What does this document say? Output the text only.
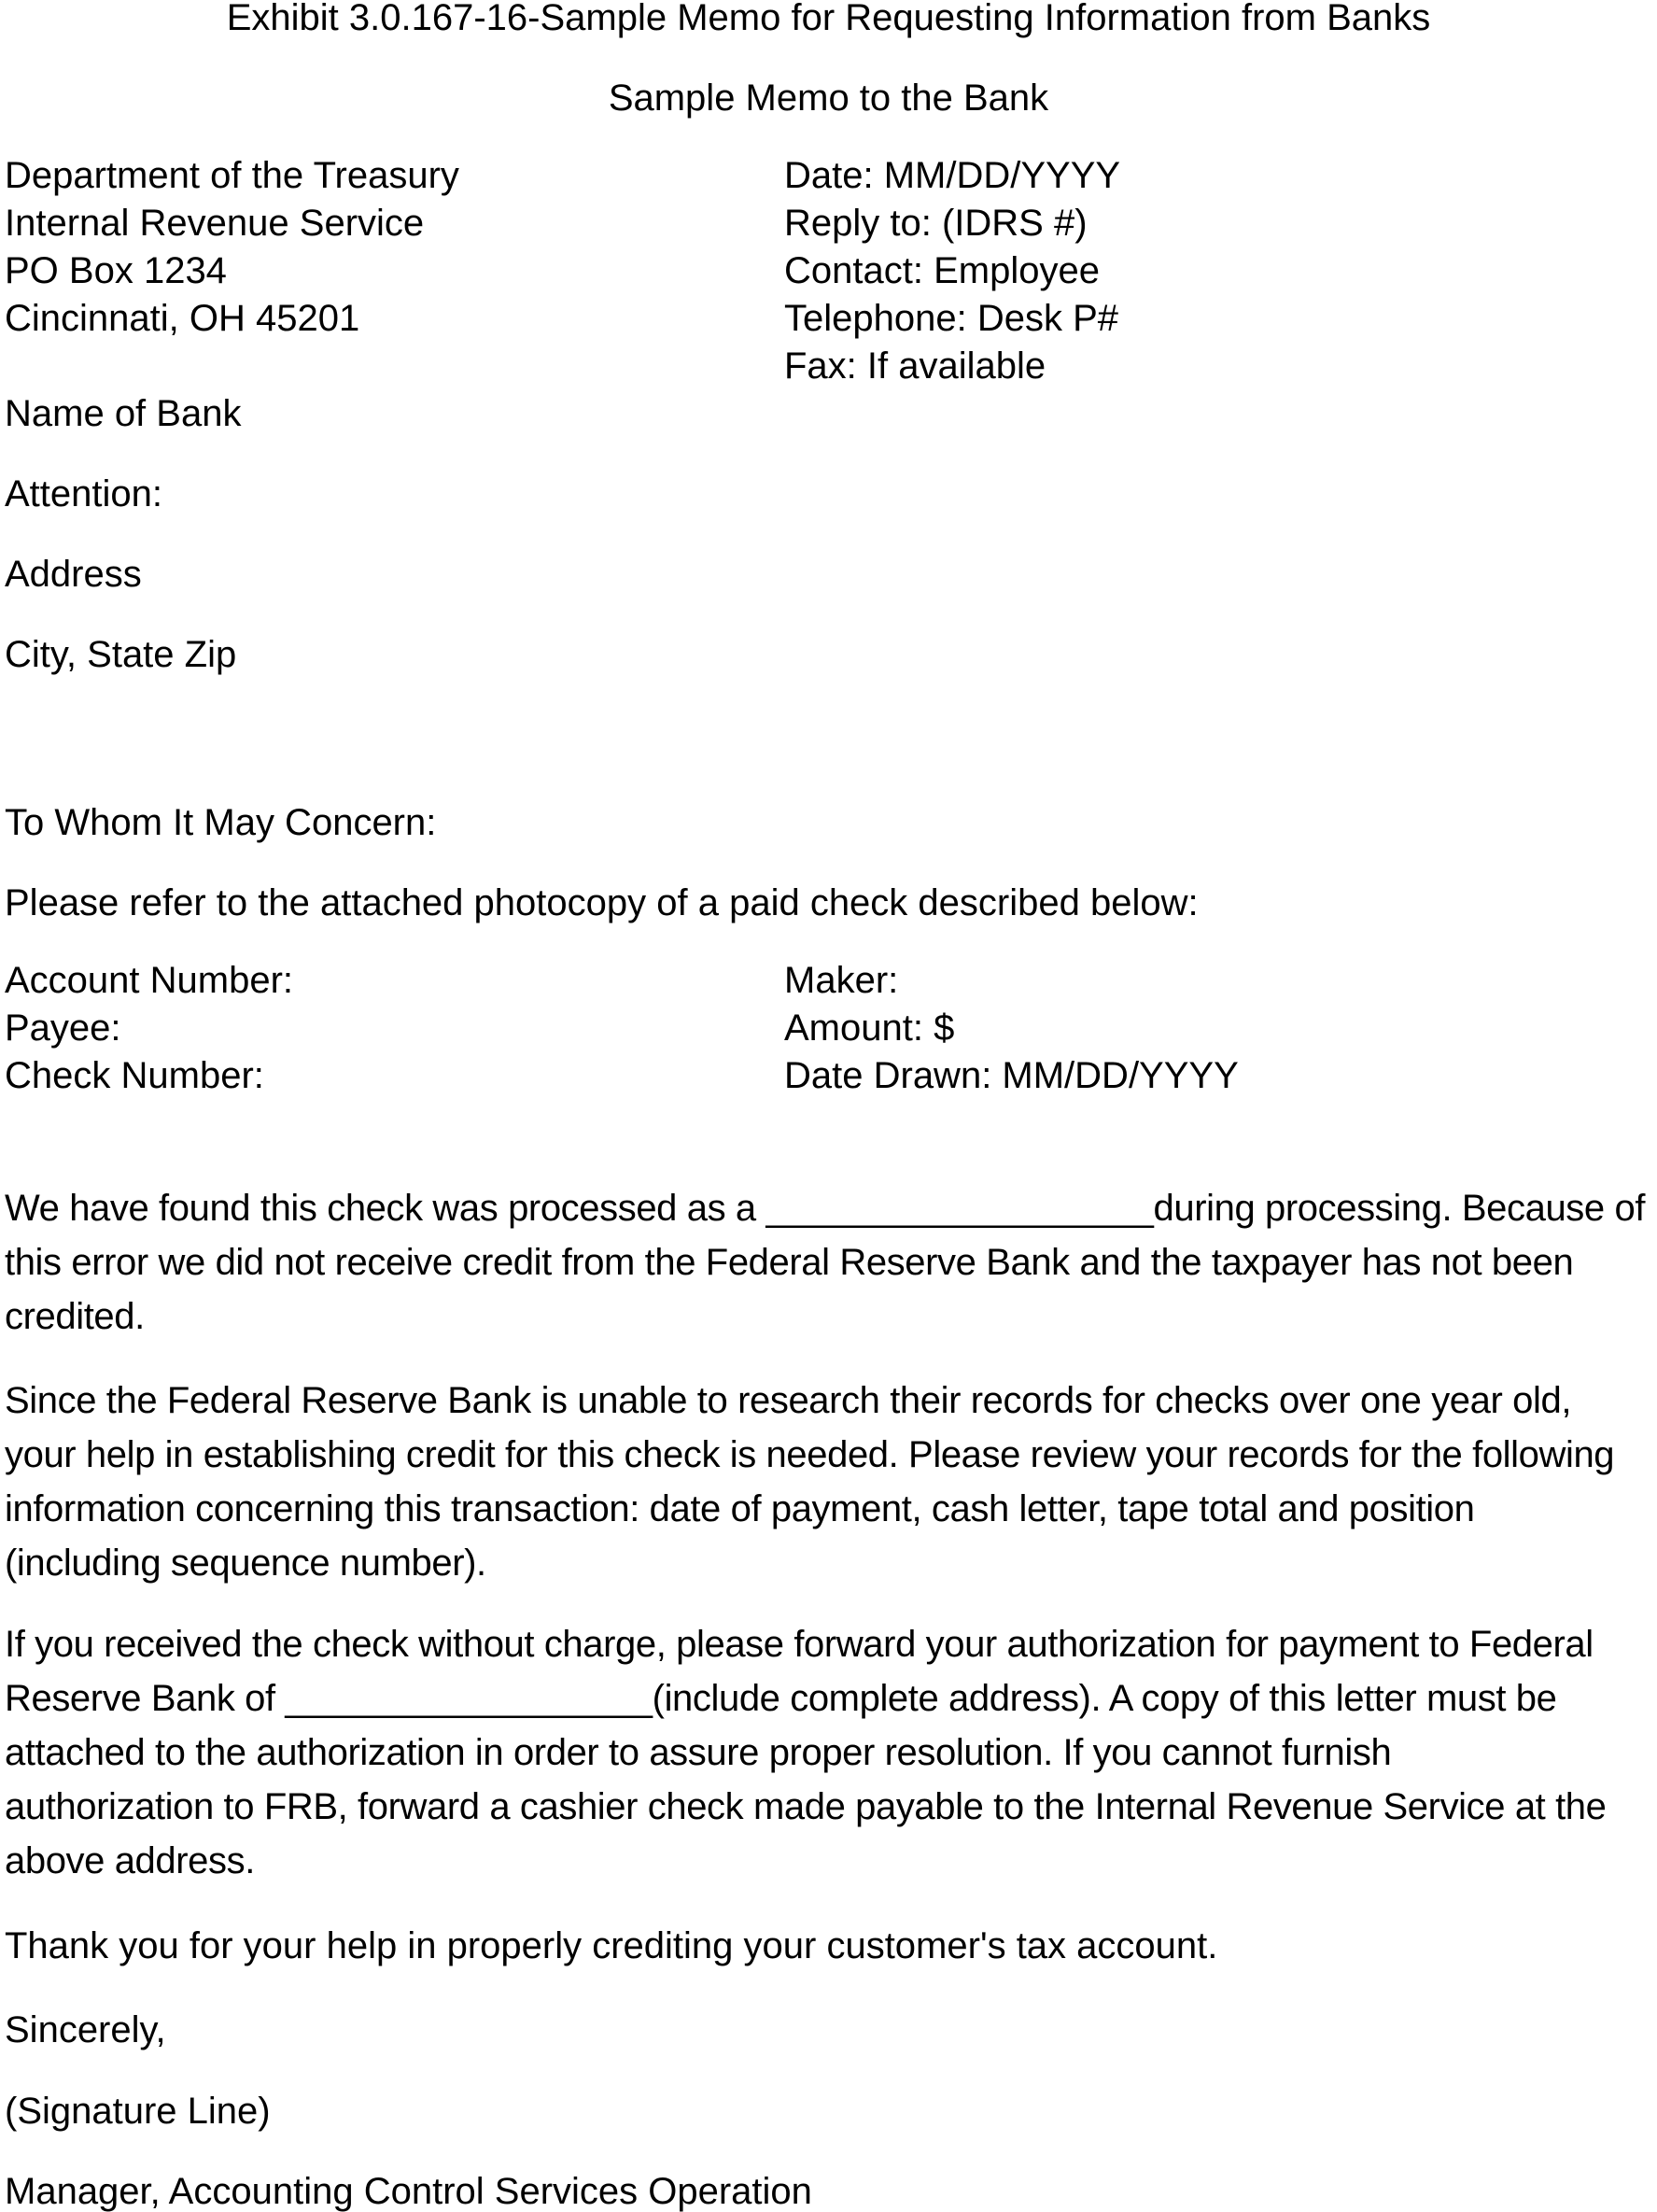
Exhibit 3.0.167-16-Sample Memo for Requesting Information from Banks
Sample Memo to the Bank
Department of the Treasury
Internal Revenue Service
PO Box 1234
Cincinnati, OH 45201
Date: MM/DD/YYYY
Reply to: (IDRS #)
Contact: Employee
Telephone: Desk P#
Fax: If available
Name of Bank
Attention:
Address
City, State Zip
To Whom It May Concern:
Please refer to the attached photocopy of a paid check described below:
Account Number:
Payee:
Check Number:
Maker:
Amount: $
Date Drawn: MM/DD/YYYY
We have found this check was processed as a ___________________during processing. Because of
this error we did not receive credit from the Federal Reserve Bank and the taxpayer has not been
credited.
Since the Federal Reserve Bank is unable to research their records for checks over one year old,
your help in establishing credit for this check is needed. Please review your records for the following
information concerning this transaction: date of payment, cash letter, tape total and position
(including sequence number).
If you received the check without charge, please forward your authorization for payment to Federal
Reserve Bank of __________________(include complete address). A copy of this letter must be
attached to the authorization in order to assure proper resolution. If you cannot furnish
authorization to FRB, forward a cashier check made payable to the Internal Revenue Service at the
above address.
Thank you for your help in properly crediting your customer's tax account.
Sincerely,
(Signature Line)
Manager, Accounting Control Services Operation
